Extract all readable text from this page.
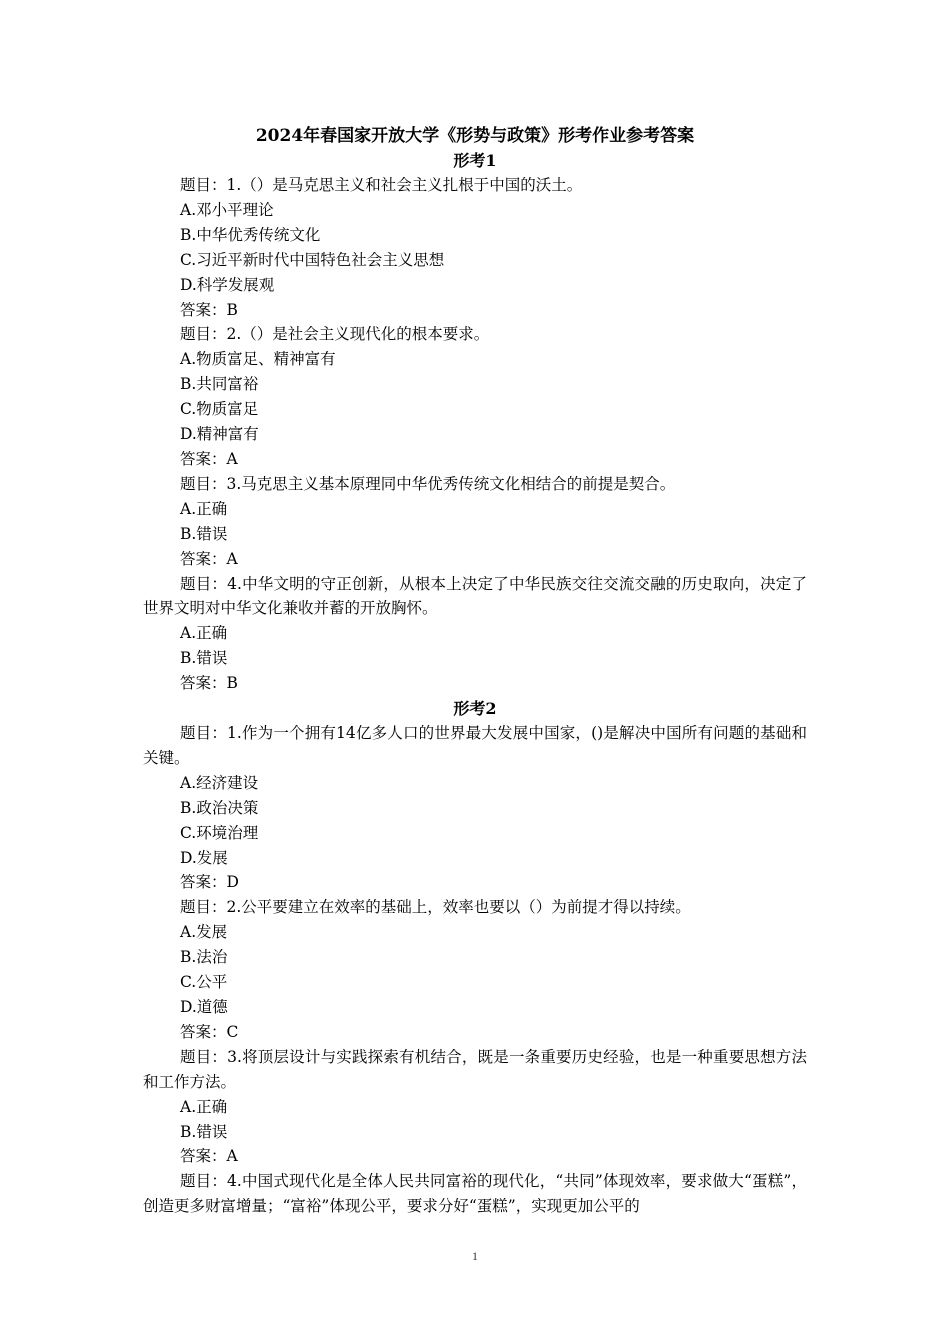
2024年春国家开放大学《形势与政策》形考作业参考答案
形考1
题目：1.（）是马克思主义和社会主义扎根于中国的沃土。
A.邓小平理论
B.中华优秀传统文化
C.习近平新时代中国特色社会主义思想
D.科学发展观
答案：B
题目：2.（）是社会主义现代化的根本要求。
A.物质富足、精神富有
B.共同富裕
C.物质富足
D.精神富有
答案：A
题目：3.马克思主义基本原理同中华优秀传统文化相结合的前提是契合。
A.正确
B.错误
答案：A
题目：4.中华文明的守正创新，从根本上决定了中华民族交往交流交融的历史取向，决定了世界文明对中华文化兼收并蓄的开放胸怀。
A.正确
B.错误
答案：B
形考2
题目：1.作为一个拥有14亿多人口的世界最大发展中国家，()是解决中国所有问题的基础和关键。
A.经济建设
B.政治决策
C.环境治理
D.发展
答案：D
题目：2.公平要建立在效率的基础上，效率也要以（）为前提才得以持续。
A.发展
B.法治
C.公平
D.道德
答案：C
题目：3.将顶层设计与实践探索有机结合，既是一条重要历史经验，也是一种重要思想方法和工作方法。
A.正确
B.错误
答案：A
题目：4.中国式现代化是全体人民共同富裕的现代化，“共同”体现效率，要求做大“蛋糕”，创造更多财富增量；“富裕”体现公平，要求分好“蛋糕”，实现更加公平的
1
